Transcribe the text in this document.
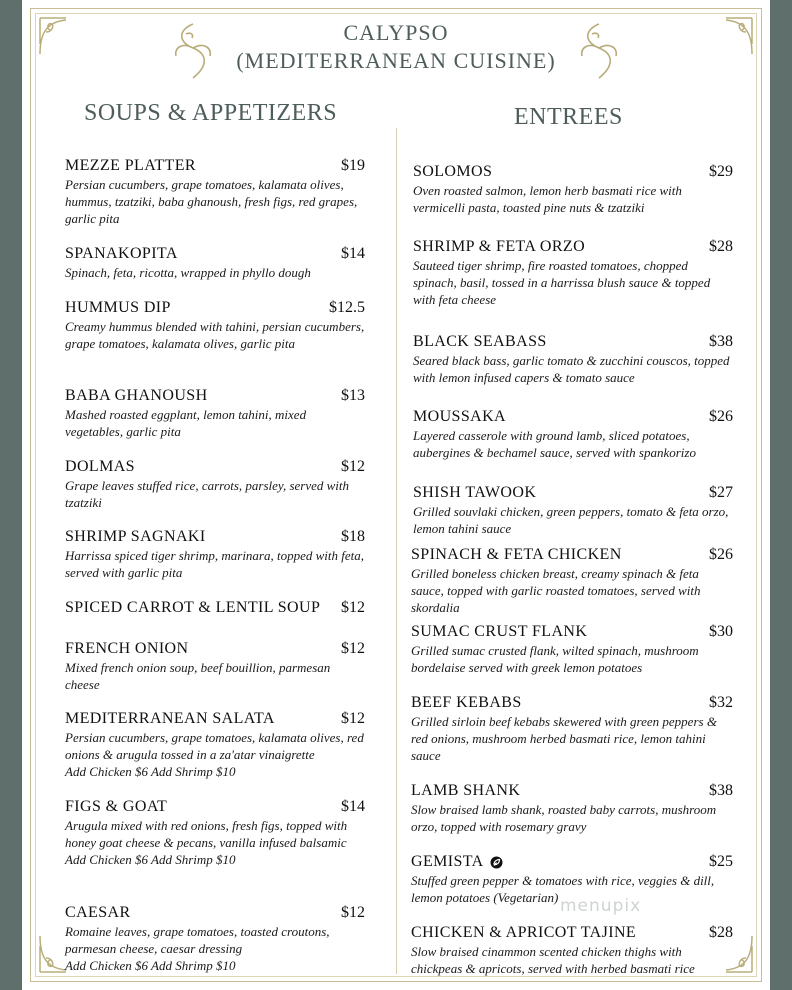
CALYPSO
(MEDITERRANEAN CUISINE)
SOUPS & APPETIZERS	ENTREES
MEZZE PLATTER	$19
Persian cucumbers, grape tomatoes, kalamata olives, hummus, tzatziki, baba ghanoush, fresh figs, red grapes, garlic pita
SPANAKOPITA	$14
Spinach, feta, ricotta, wrapped in phyllo dough
HUMMUS DIP	$12.5
Creamy hummus blended with tahini, persian cucumbers, grape tomatoes, kalamata olives, garlic pita
BABA GHANOUSH	$13
Mashed roasted eggplant, lemon tahini, mixed vegetables, garlic pita
DOLMAS	$12
Grape leaves stuffed rice, carrots, parsley, served with tzatziki
SHRIMP SAGNAKI	$18
Harrissa spiced tiger shrimp, marinara, topped with feta, served with garlic pita
SPICED CARROT & LENTIL SOUP $12
FRENCH ONION	$12
Mixed french onion soup, beef bouillion, parmesan cheese
MEDITERRANEAN SALATA	$12
Persian cucumbers, grape tomatoes, kalamata olives, red onions & arugula tossed in a za'atar vinaigrette
Add Chicken $6 Add Shrimp $10
FIGS & GOAT	$14
Arugula mixed with red onions, fresh figs, topped with honey goat cheese & pecans, vanilla infused balsamic
Add Chicken $6 Add Shrimp $10
CAESAR	$12
Romaine leaves, grape tomatoes, toasted croutons, parmesan cheese, caesar dressing
Add Chicken $6 Add Shrimp $10
SOLOMOS	$29
Oven roasted salmon, lemon herb basmati rice with vermicelli pasta, toasted pine nuts & tzatziki
SHRIMP & FETA ORZO	$28
Sauteed tiger shrimp, fire roasted tomatoes, chopped spinach, basil, tossed in a harrissa blush sauce & topped with feta cheese
BLACK SEABASS	$38
Seared black bass, garlic tomato & zucchini couscos, topped with lemon infused capers & tomato sauce
MOUSSAKA	$26
Layered casserole with ground lamb, sliced potatoes, aubergines & bechamel sauce, served with spankorizo
SHISH TAWOOK	$27
Grilled souvlaki chicken, green peppers, tomato & feta orzo, lemon tahini sauce
SPINACH & FETA CHICKEN	$26
Grilled boneless chicken breast, creamy spinach & feta sauce, topped with garlic roasted tomatoes, served with skordalia
SUMAC CRUST FLANK	$30
Grilled sumac crusted flank, wilted spinach, mushroom bordelaise served with greek lemon potatoes
BEEF KEBABS	$32
Grilled sirloin beef kebabs skewered with green peppers & red onions, mushroom herbed basmati rice, lemon tahini sauce
LAMB SHANK	$38
Slow braised lamb shank, roasted baby carrots, mushroom orzo, topped with rosemary gravy
GEMISTA	$25
Stuffed green pepper & tomatoes with rice, veggies & dill, lemon potatoes (Vegetarian)
CHICKEN & APRICOT TAJINE	$28
Slow braised cinammon scented chicken thighs with chickpeas & apricots, served with herbed basmati rice
menupix
